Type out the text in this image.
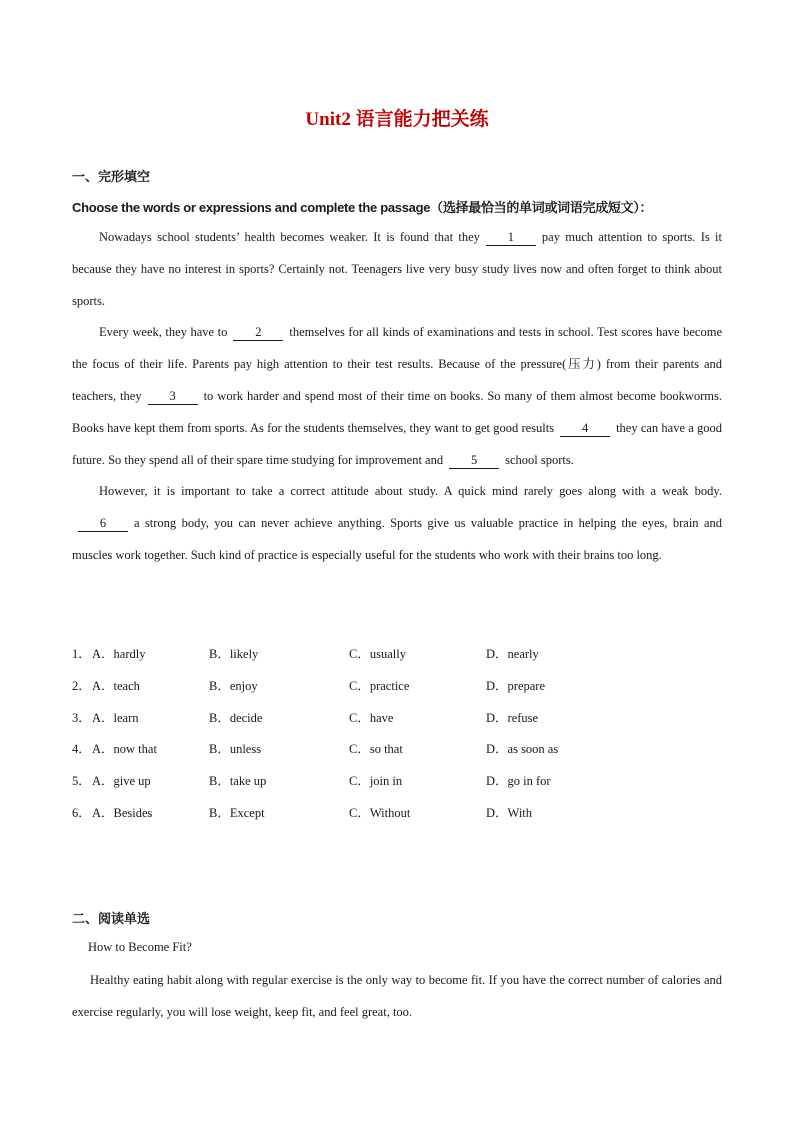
Unit2 语言能力把关练
一、完形填空
Choose the words or expressions and complete the passage（选择最恰当的单词或词语完成短文）：

Nowadays school students’ health becomes weaker. It is found that they 1 pay much attention to sports. Is it because they have no interest in sports? Certainly not. Teenagers live very busy study lives now and often forget to think about sports.

Every week, they have to 2 themselves for all kinds of examinations and tests in school. Test scores have become the focus of their life. Parents pay high attention to their test results. Because of the pressure(压力) from their parents and teachers, they 3 to work harder and spend most of their time on books. So many of them almost become bookworms. Books have kept them from sports. As for the students themselves, they want to get good results 4 they can have a good future. So they spend all of their spare time studying for improvement and 5 school sports.

However, it is important to take a correct attitude about study. A quick mind rarely goes along with a weak body.6 a strong body, you can never achieve anything. Sports give us valuable practice in helping the eyes, brain and muscles work together. Such kind of practice is especially useful for the students who work with their brains too long.

1． A．hardly	B．likely	C．usually	D．nearly
2． A．teach	B．enjoy	C．practice	D．prepare
3． A．learn	B．decide	C．have	D．refuse
4． A．now that	B．unless	C．so that	D．as soon as
5． A．give up	B．take up	C．join in	D．go in for
6． A．Besides	B．Except	C．Without	D．With
二、阅读单选
How to Become Fit?

Healthy eating habit along with regular exercise is the only way to become fit. If you have the correct number of calories and exercise regularly, you will lose weight, keep fit, and feel great, too.
